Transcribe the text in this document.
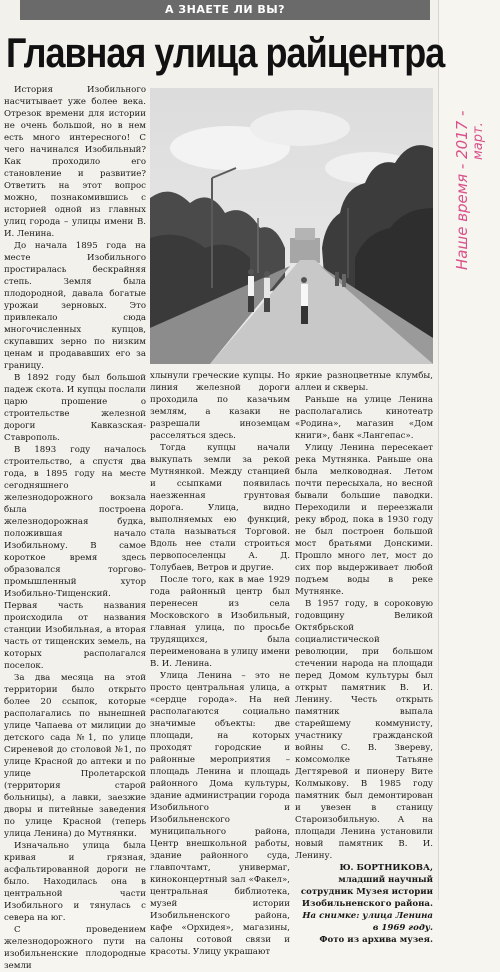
А ЗНАЕТЕ ЛИ ВЫ?
Главная улица райцентра

История Изобильного насчитывает уже более века. Отрезок времени для истории не очень большой, но в нем есть много интересного! С чего начинался Изобильный? Как проходило его становление и развитие? Ответить на этот вопрос можно, познакомившись с историей одной из главных улиц города – улицы имени В. И. Ленина.

До начала 1895 года на месте Изобильного простиралась бескрайняя степь. Земля была плодородной, давала богатые урожаи зерновых. Это привлекало сюда многочисленных купцов, скупавших зерно по низким ценам и продававших его за границу.

В 1892 году был большой падеж скота. И купцы послали царю прошение о строительстве железной дороги Кавказская-Ставрополь.

В 1893 году началось строительство, а спустя два года, в 1895 году на месте сегодняшнего железнодорожного вокзала была построена железнодорожная будка, положившая начало Изобильному. В самое короткое время здесь образовался торгово-промышленный хутор Изобильно-Тищенский. Первая часть названия происходила от названия станции Изобильная, а вторая часть от тищенских земель, на которых располагался поселок.

За два месяца на этой территории было открыто более 20 ссыпок, которые располагались по нынешней улице Чапаева от милиции до детского сада №1, по улице Сиреневой до столовой №1, по улице Красной до аптеки и по улице Пролетарской (территория старой больницы), а лавки, заезжие дворы и питейные заведения по улице Красной (теперь улица Ленина) до Мутнянки.

Изначально улица была кривая и грязная, асфальтированной дороги не было. Находилась она в центральной части Изобильного и тянулась с севера на юг.

С проведением железнодорожного пути на изобильненские плодородные земли

хлынули греческие купцы. Но линия железной дороги проходила по казачьим землям, а казаки не разрешали иноземцам расселяться здесь.

Тогда купцы начали выкупать земли за рекой Мутнянкой. Между станцией и ссыпками появилась наезженная грунтовая дорога. Улица, видно выполняемых ею функций, стала называться Торговой. Вдоль нее стали строиться первопоселенцы А. Д. Толубаев, Ветров и другие.

После того, как в мае 1929 года районный центр был перенесен из села Московского в Изобильный, главная улица, по просьбе трудящихся, была переименована в улицу имени В. И. Ленина.

Улица Ленина – это не просто центральная улица, а «сердце города». На ней располагаются социально значимые объекты: две площади, на которых проходят городские и районные мероприятия – площадь Ленина и площадь районного Дома культуры, здание администрации города Изобильного и Изобильненского муниципального района, Центр внешкольной работы, здание районного суда, главпочтамт, универмаг, киноконцертный зал «Факел», центральная библиотека, музей истории Изобильненского района, кафе «Орхидея», магазины, салоны сотовой связи и красоты. Улицу украшают

яркие разноцветные клумбы, аллеи и скверы.

Раньше на улице Ленина располагались кинотеатр «Родина», магазин «Дом книги», банк «Лангепас».

Улицу Ленина пересекает река Мутнянка. Раньше она была мелководная. Летом почти пересыхала, но весной бывали большие паводки. Переходили и переезжали реку вброд, пока в 1930 году не был построен большой мост братьями Донскими. Прошло много лет, мост до сих пор выдерживает любой подъем воды в реке Мутнянке.

В 1957 году, в сороковую годовщину Великой Октябрьской социалистической революции, при большом стечении народа на площади перед Домом культуры был открыт памятник В. И. Ленину. Честь открыть памятник выпала старейшему коммунисту, участнику гражданской войны С. В. Звереву, комсомолке Татьяне Дегтяревой и пионеру Вите Колмыкову. В 1985 году памятник был демонтирован и увезен в станицу Староизобильную. А на площади Ленина установили новый памятник В. И. Ленину.

Ю. БОРТНИКОВА,

младший научный сотрудник Музея истории Изобильненского района.

На снимке: улица Ленина в 1969 году.

Фото из архива музея.

Наше время - 2017 - март.
